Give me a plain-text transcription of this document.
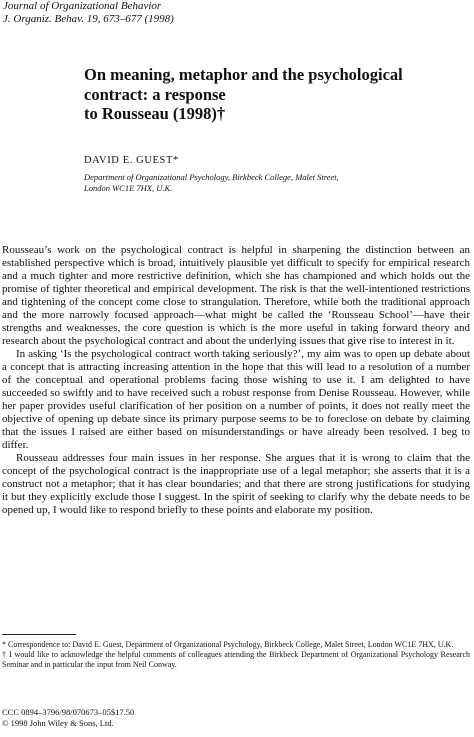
Journal of Organizational Behavior
J. Organiz. Behav. 19, 673–677 (1998)
On meaning, metaphor and the psychological
contract: a response
to Rousseau (1998)†
DAVID E. GUEST*
Department of Organizational Psychology, Birkbeck College, Malet Street,
London WC1E 7HX, U.K.

Rousseau’s work on the psychological contract is helpful in sharpening the distinction between an established perspective which is broad, intuitively plausible yet difficult to specify for empirical research and a much tighter and more restrictive definition, which she has championed and which holds out the promise of tighter theoretical and empirical development. The risk is that the well-intentioned restrictions and tightening of the concept come close to strangulation. Therefore, while both the traditional approach and the more narrowly focused approach—what might be called the ‘Rousseau School’—have their strengths and weaknesses, the core question is which is the more useful in taking forward theory and research about the psychological contract and about the underlying issues that give rise to interest in it.

In asking ‘Is the psychological contract worth taking seriously?’, my aim was to open up debate about a concept that is attracting increasing attention in the hope that this will lead to a resolution of a number of the conceptual and operational problems facing those wishing to use it. I am delighted to have succeeded so swiftly and to have received such a robust response from Denise Rousseau. However, while her paper provides useful clarification of her position on a number of points, it does not really meet the objective of opening up debate since its primary purpose seems to be to foreclose on debate by claiming that the issues I raised are either based on misunderstandings or have already been resolved. I beg to differ.

Rousseau addresses four main issues in her response. She argues that it is wrong to claim that the concept of the psychological contract is the inappropriate use of a legal metaphor; she asserts that it is a construct not a metaphor; that it has clear boundaries; and that there are strong justifications for studying it but they explicitly exclude those I suggest. In the spirit of seeking to clarify why the debate needs to be opened up, I would like to respond briefly to these points and elaborate my position.

* Correspondence to: David E. Guest, Department of Organizational Psychology, Birkbeck College, Malet Street, London WC1E 7HX, U.K.

† I would like to acknowledge the helpful comments of colleagues attending the Birkbeck Department of Organizational Psychology Research Seminar and in particular the input from Neil Conway.

CCC 0894–3796/98/070673–05$17.50
© 1998 John Wiley & Sons, Ltd.
